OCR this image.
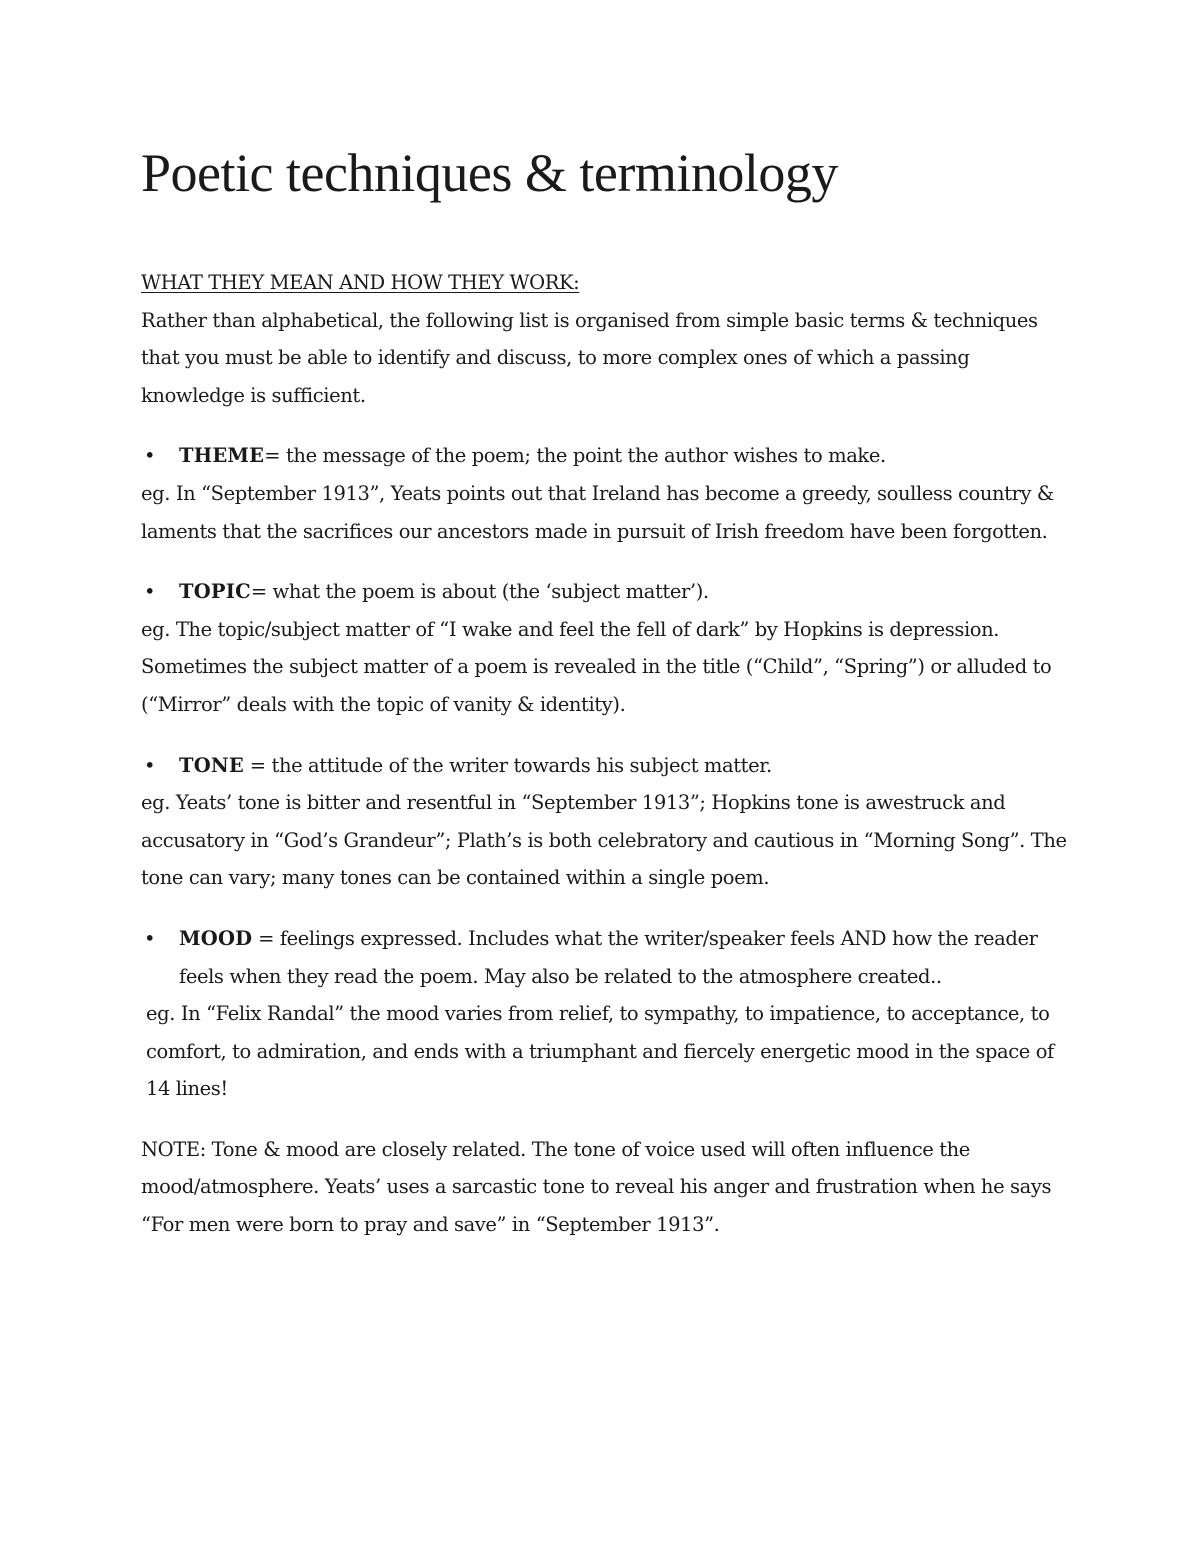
Poetic techniques & terminology
WHAT THEY MEAN AND HOW THEY WORK:

Rather than alphabetical, the following list is organised from simple basic terms & techniques that you must be able to identify and discuss, to more complex ones of which a passing knowledge is sufficient.

•	THEME= the message of the poem; the point the author wishes to make.

eg. In “September 1913”, Yeats points out that Ireland has become a greedy, soulless country & laments that the sacrifices our ancestors made in pursuit of Irish freedom have been forgotten.

•	TOPIC= what the poem is about (the ‘subject matter’).

eg. The topic/subject matter of “I wake and feel the fell of dark” by Hopkins is depression. Sometimes the subject matter of a poem is revealed in the title (“Child”, “Spring”) or alluded to (“Mirror” deals with the topic of vanity & identity).

•	TONE = the attitude of the writer towards his subject matter.

eg. Yeats’ tone is bitter and resentful in “September 1913”; Hopkins tone is awestruck and accusatory in “God’s Grandeur”; Plath’s is both celebratory and cautious in “Morning Song”. The tone can vary; many tones can be contained within a single poem.

•	MOOD = feelings expressed. Includes what the writer/speaker feels AND how the reader feels when they read the poem. May also be related to the atmosphere created..

eg. In “Felix Randal” the mood varies from relief, to sympathy, to impatience, to acceptance, to comfort, to admiration, and ends with a triumphant and fiercely energetic mood in the space of 14 lines!

NOTE: Tone & mood are closely related. The tone of voice used will often influence the mood/atmosphere. Yeats’ uses a sarcastic tone to reveal his anger and frustration when he says “For men were born to pray and save” in “September 1913”.
